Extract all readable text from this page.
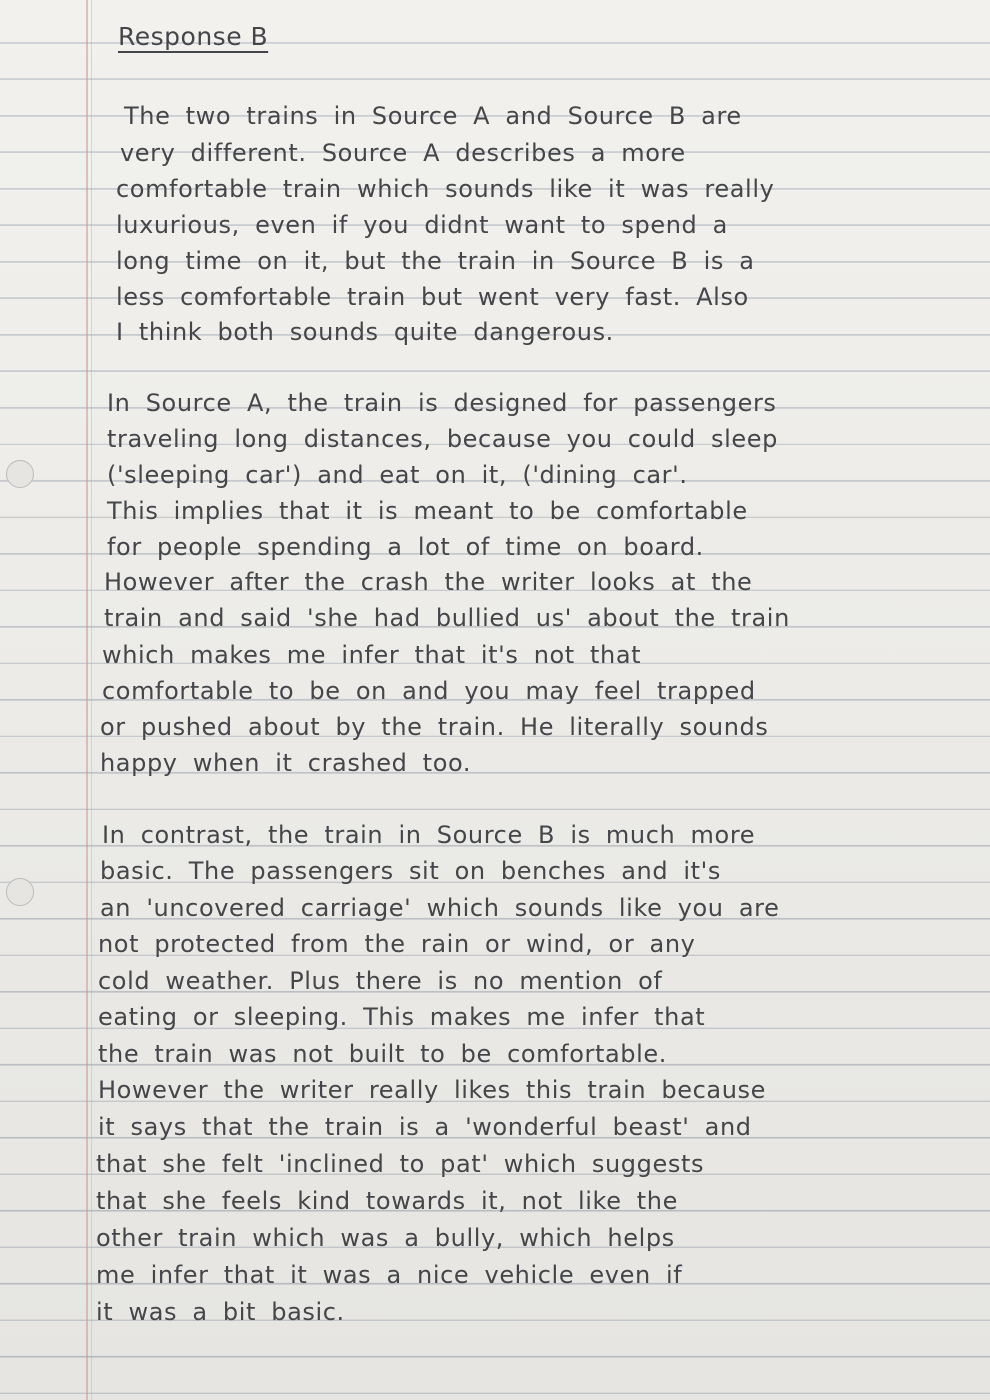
Response B
The two trains in Source A and Source B are
very different. Source A describes a more
comfortable train which sounds like it was really
luxurious, even if you didnt want to spend a
long time on it, but the train in Source B is a
less comfortable train but went very fast. Also
I think both sounds quite dangerous.
In Source A, the train is designed for passengers
traveling long distances, because you could sleep
('sleeping car') and eat on it, ('dining car'.
This implies that it is meant to be comfortable
for people spending a lot of time on board.
However after the crash the writer looks at the
train and said 'she had bullied us' about the train
which makes me infer that it's not that
comfortable to be on and you may feel trapped
or pushed about by the train. He literally sounds
happy when it crashed too.
In contrast, the train in Source B is much more
basic. The passengers sit on benches and it's
an 'uncovered carriage' which sounds like you are
not protected from the rain or wind, or any
cold weather. Plus there is no mention of
eating or sleeping. This makes me infer that
the train was not built to be comfortable.
However the writer really likes this train because
it says that the train is a 'wonderful beast' and
that she felt 'inclined to pat' which suggests
that she feels kind towards it, not like the
other train which was a bully, which helps
me infer that it was a nice vehicle even if
it was a bit basic.
